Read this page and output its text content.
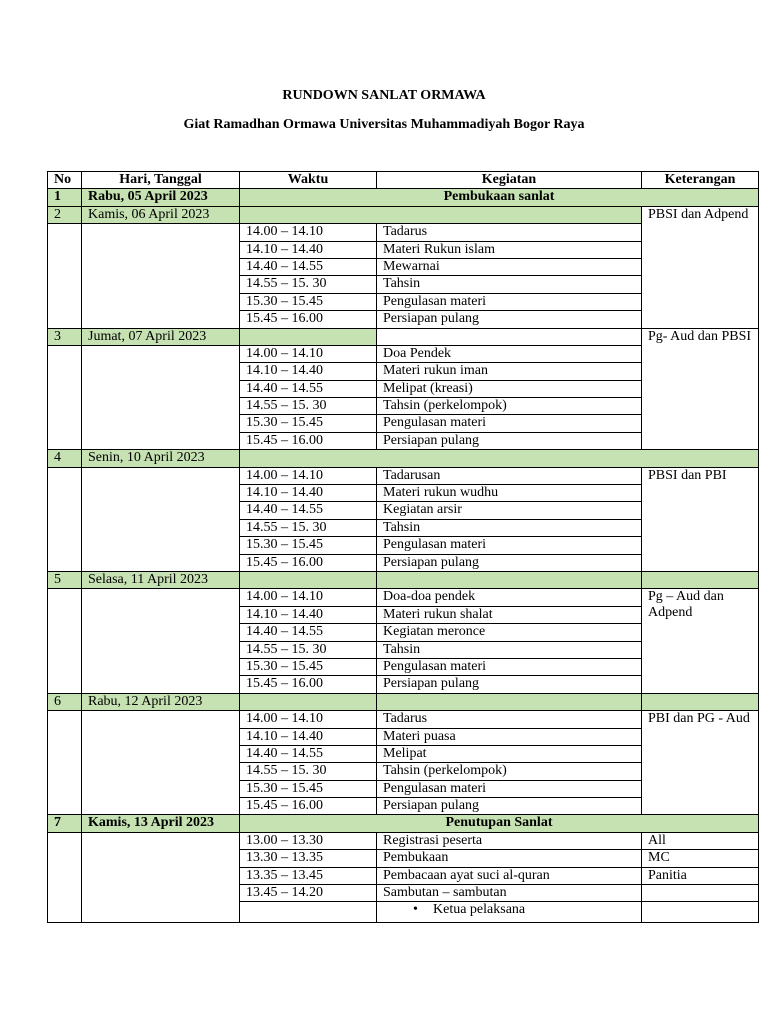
RUNDOWN SANLAT ORMAWA
Giat Ramadhan Ormawa Universitas Muhammadiyah Bogor Raya
No	Hari, Tanggal	Waktu	Kegiatan	Keterangan
1	Rabu, 05 April 2023	Pembukaan sanlat		
2	Kamis, 06 April 2023			PBSI dan Adpend
		14.00 – 14.10	Tadarus	
		14.10 – 14.40	Materi Rukun islam	
		14.40 – 14.55	Mewarnai	
		14.55 – 15. 30	Tahsin	
		15.30 – 15.45	Pengulasan materi	
		15.45 – 16.00	Persiapan pulang	
3	Jumat, 07 April 2023			Pg- Aud dan PBSI
		14.00 – 14.10	Doa Pendek	
		14.10 – 14.40	Materi rukun iman	
		14.40 – 14.55	Melipat (kreasi)	
		14.55 – 15. 30	Tahsin (perkelompok)	
		15.30 – 15.45	Pengulasan materi	
		15.45 – 16.00	Persiapan pulang	
4	Senin, 10 April 2023			
		14.00 – 14.10	Tadarusan	PBSI dan PBI
		14.10 – 14.40	Materi rukun wudhu	
		14.40 – 14.55	Kegiatan arsir	
		14.55 – 15. 30	Tahsin	
		15.30 – 15.45	Pengulasan materi	
		15.45 – 16.00	Persiapan pulang	
5	Selasa, 11 April 2023			
		14.00 – 14.10	Doa-doa pendek	Pg – Aud dan Adpend
		14.10 – 14.40	Materi rukun shalat	
		14.40 – 14.55	Kegiatan meronce	
		14.55 – 15. 30	Tahsin	
		15.30 – 15.45	Pengulasan materi	
		15.45 – 16.00	Persiapan pulang	
6	Rabu, 12 April 2023			
		14.00 – 14.10	Tadarus	PBI dan PG - Aud
		14.10 – 14.40	Materi puasa	
		14.40 – 14.55	Melipat	
		14.55 – 15. 30	Tahsin (perkelompok)	
		15.30 – 15.45	Pengulasan materi	
		15.45 – 16.00	Persiapan pulang	
7	Kamis, 13 April 2023	Penutupan Sanlat		
		13.00 – 13.30	Registrasi peserta	All
		13.30 – 13.35	Pembukaan	MC
		13.35 – 13.45	Pembacaan ayat suci al-quran	Panitia
		13.45 – 14.20	Sambutan – sambutan	
			• Ketua pelaksana	
